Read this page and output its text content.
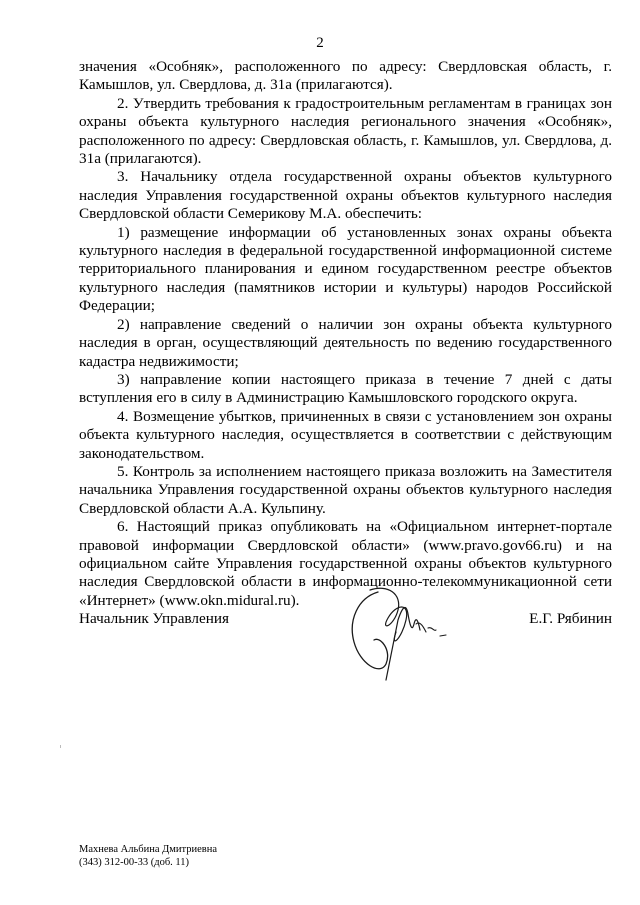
2

значения «Особняк», расположенного по адресу: Свердловская область, г. Камышлов, ул. Свердлова, д. 31а (прилагаются).

2. Утвердить требования к градостроительным регламентам в границах зон охраны объекта культурного наследия регионального значения «Особняк», расположенного по адресу: Свердловская область, г. Камышлов, ул. Свердлова, д. 31а (прилагаются).

3. Начальнику отдела государственной охраны объектов культурного наследия Управления государственной охраны объектов культурного наследия Свердловской области Семерикову М.А. обеспечить:

1) размещение информации об установленных зонах охраны объекта культурного наследия в федеральной государственной информационной системе территориального планирования и едином государственном реестре объектов культурного наследия (памятников истории и культуры) народов Российской Федерации;

2) направление сведений о наличии зон охраны объекта культурного наследия в орган, осуществляющий деятельность по ведению государственного кадастра недвижимости;

3) направление копии настоящего приказа в течение 7 дней с даты вступления его в силу в Администрацию Камышловского городского округа.

4. Возмещение убытков, причиненных в связи с установлением зон охраны объекта культурного наследия, осуществляется в соответствии с действующим законодательством.

5. Контроль за исполнением настоящего приказа возложить на Заместителя начальника Управления государственной охраны объектов культурного наследия Свердловской области А.А. Кульпину.

6. Настоящий приказ опубликовать на «Официальном интернет-портале правовой информации Свердловской области» (www.pravo.gov66.ru) и на официальном сайте Управления государственной охраны объектов культурного наследия Свердловской области в информационно-телекоммуникационной сети «Интернет» (www.okn.midural.ru).

Начальник Управления	Е.Г. Рябинин
Махнева Альбина Дмитриевна
(343) 312-00-33 (доб. 11)
